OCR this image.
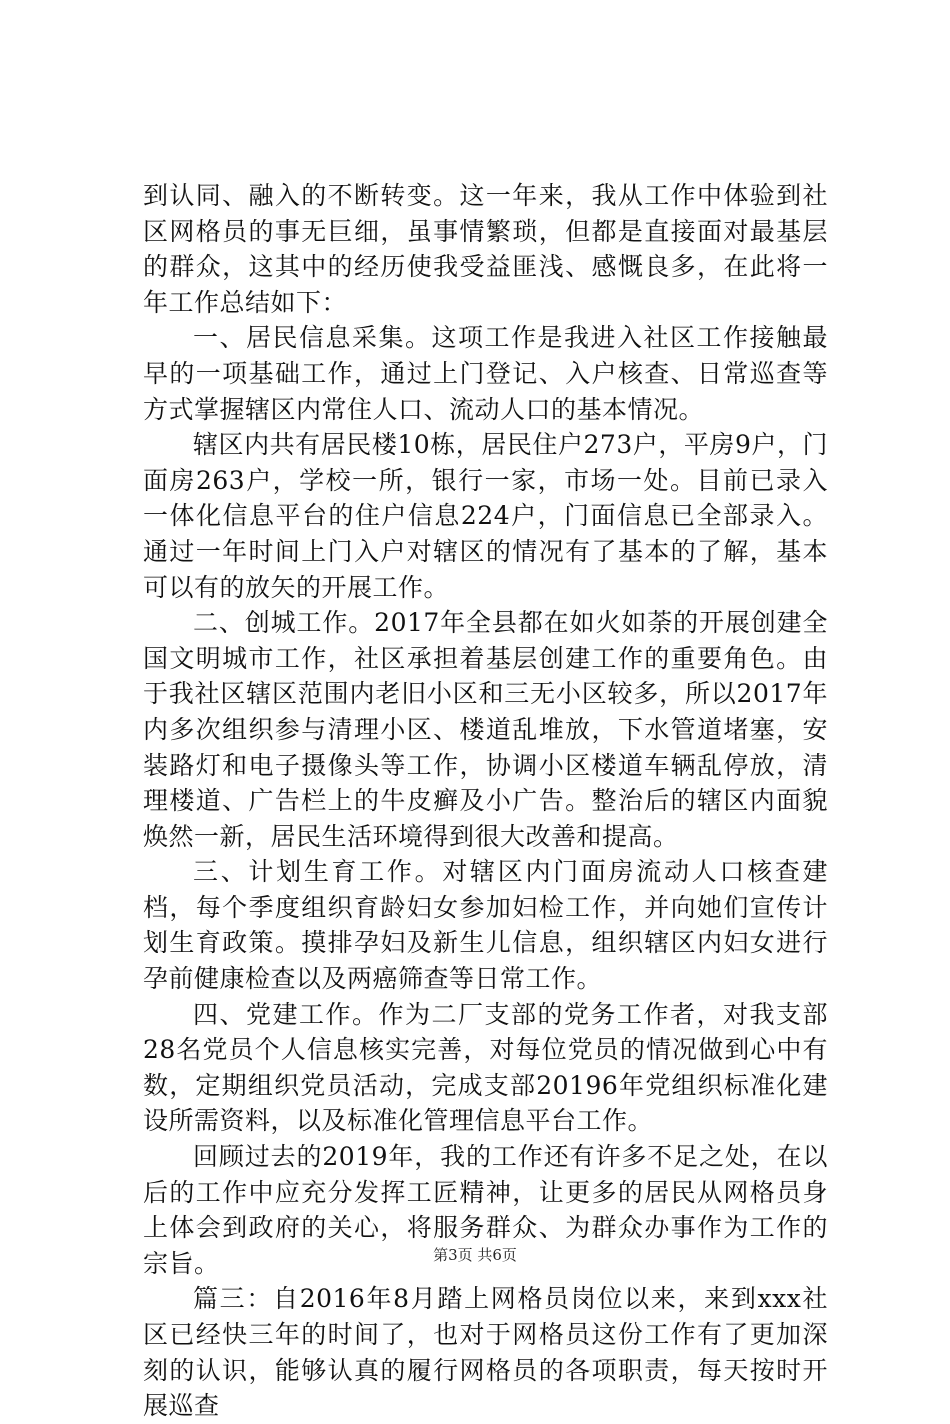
到认同、融入的不断转变。这一年来，我从工作中体验到社区网格员的事无巨细，虽事情繁琐，但都是直接面对最基层的群众，这其中的经历使我受益匪浅、感慨良多，在此将一年工作总结如下：

一、居民信息采集。这项工作是我进入社区工作接触最早的一项基础工作，通过上门登记、入户核查、日常巡查等方式掌握辖区内常住人口、流动人口的基本情况。

辖区内共有居民楼10栋，居民住户273户，平房9户，门面房263户，学校一所，银行一家，市场一处。目前已录入一体化信息平台的住户信息224户，门面信息已全部录入。通过一年时间上门入户对辖区的情况有了基本的了解，基本可以有的放矢的开展工作。

二、创城工作。2017年全县都在如火如荼的开展创建全国文明城市工作，社区承担着基层创建工作的重要角色。由于我社区辖区范围内老旧小区和三无小区较多，所以2017年内多次组织参与清理小区、楼道乱堆放，下水管道堵塞，安装路灯和电子摄像头等工作，协调小区楼道车辆乱停放，清理楼道、广告栏上的牛皮癣及小广告。整治后的辖区内面貌焕然一新，居民生活环境得到很大改善和提高。

三、计划生育工作。对辖区内门面房流动人口核查建档，每个季度组织育龄妇女参加妇检工作，并向她们宣传计划生育政策。摸排孕妇及新生儿信息，组织辖区内妇女进行孕前健康检查以及两癌筛查等日常工作。

四、党建工作。作为二厂支部的党务工作者，对我支部28名党员个人信息核实完善，对每位党员的情况做到心中有数，定期组织党员活动，完成支部20196年党组织标准化建设所需资料，以及标准化管理信息平台工作。

回顾过去的2019年，我的工作还有许多不足之处，在以后的工作中应充分发挥工匠精神，让更多的居民从网格员身上体会到政府的关心，将服务群众、为群众办事作为工作的宗旨。

篇三：自2016年8月踏上网格员岗位以来，来到xxx社区已经快三年的时间了，也对于网格员这份工作有了更加深刻的认识，能够认真的履行网格员的各项职责，每天按时开展巡查

第3页 共6页
